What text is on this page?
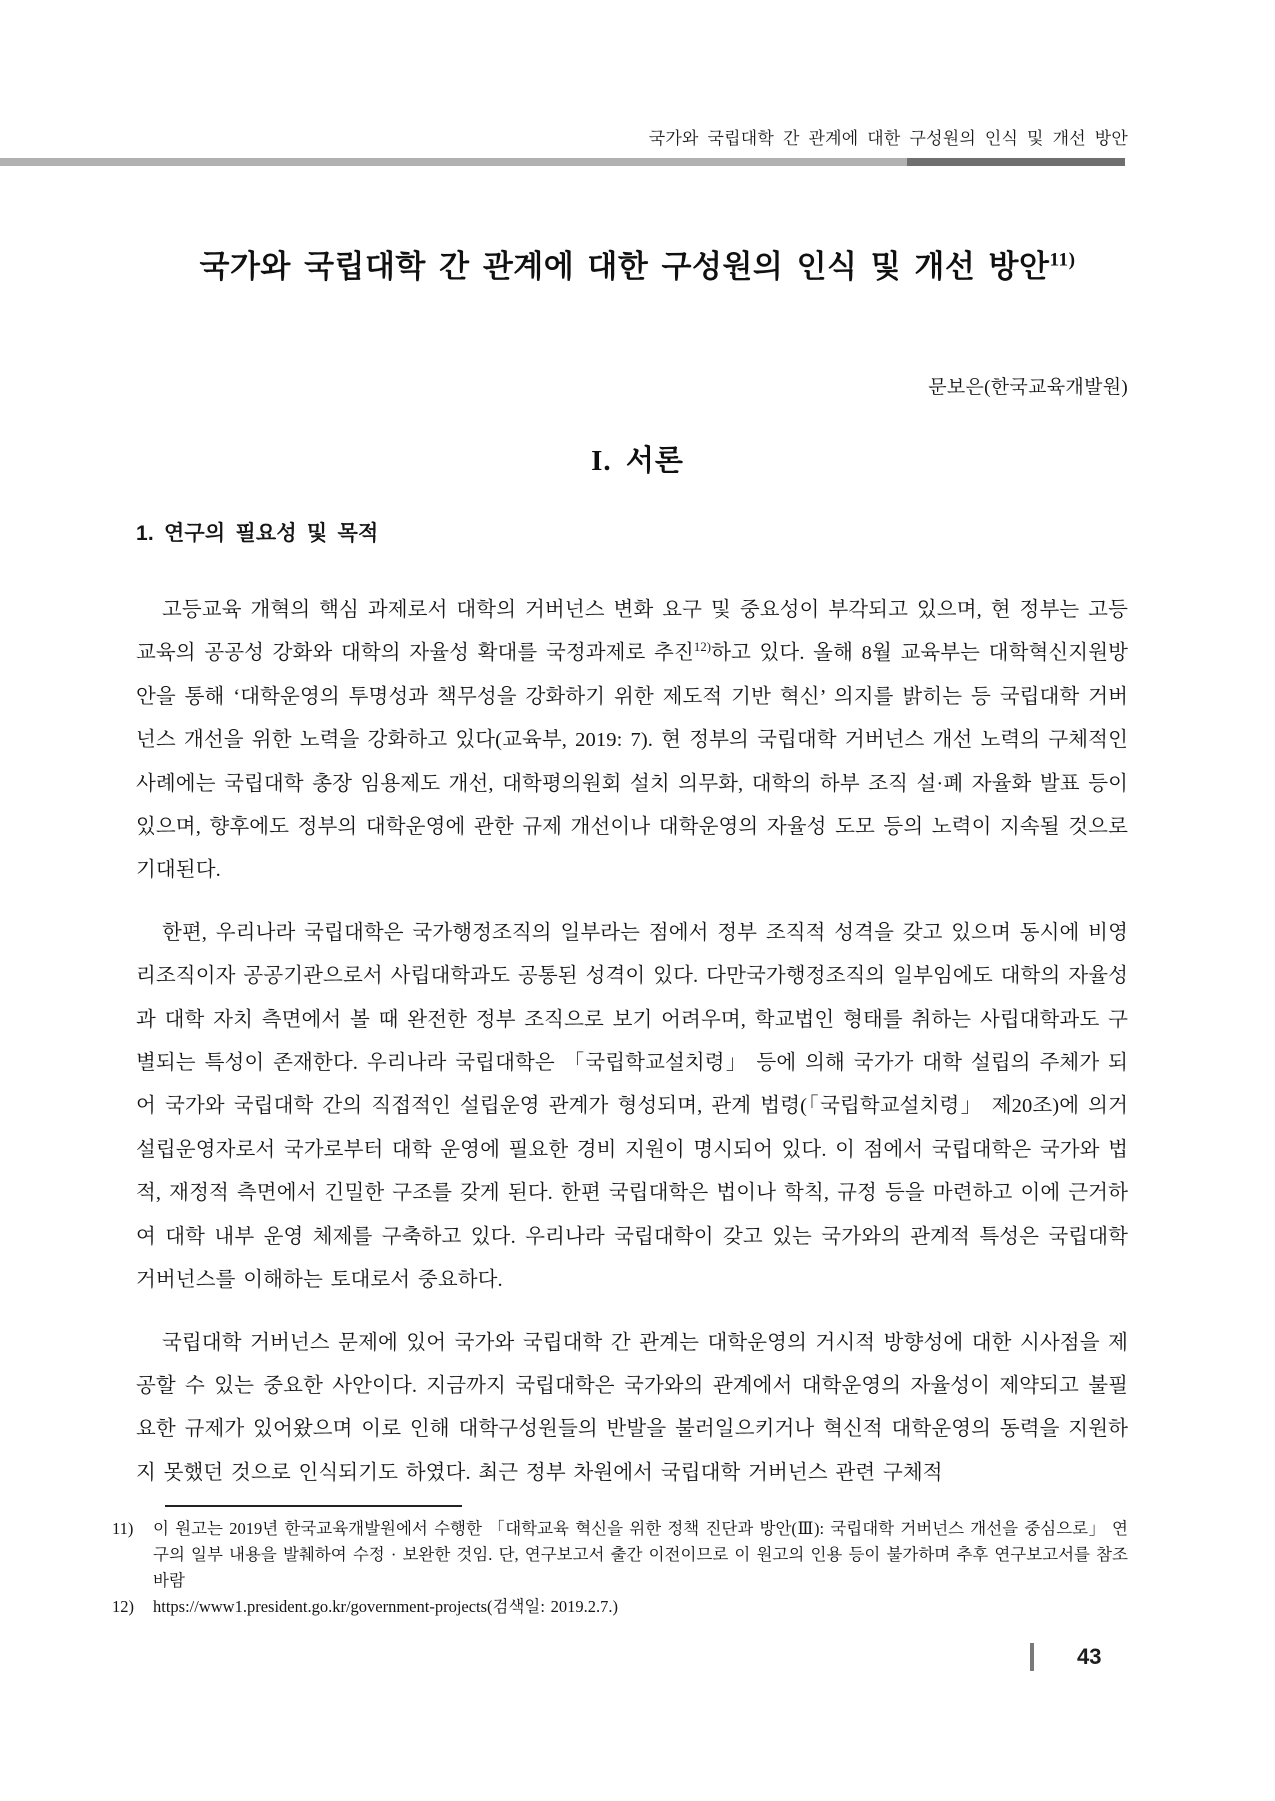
국가와 국립대학 간 관계에 대한 구성원의 인식 및 개선 방안
국가와 국립대학 간 관계에 대한 구성원의 인식 및 개선 방안$^{11)}$
문보은(한국교육개발원)
I. 서론
1. 연구의 필요성 및 목적

고등교육 개혁의 핵심 과제로서 대학의 거버넌스 변화 요구 및 중요성이 부각되고 있으며, 현 정부는 고등교육의 공공성 강화와 대학의 자율성 확대를 국정과제로 추진$^{12)}$하고 있다. 올해 8월 교육부는 대학혁신지원방안을 통해 ‘대학운영의 투명성과 책무성을 강화하기 위한 제도적 기반 혁신’ 의지를 밝히는 등 국립대학 거버넌스 개선을 위한 노력을 강화하고 있다(교육부, 2019: 7). 현 정부의 국립대학 거버넌스 개선 노력의 구체적인 사례에는 국립대학 총장 임용제도 개선, 대학평의원회 설치 의무화, 대학의 하부 조직 설·폐 자율화 발표 등이 있으며, 향후에도 정부의 대학운영에 관한 규제 개선이나 대학운영의 자율성 도모 등의 노력이 지속될 것으로 기대된다.

한편, 우리나라 국립대학은 국가행정조직의 일부라는 점에서 정부 조직적 성격을 갖고 있으며 동시에 비영리조직이자 공공기관으로서 사립대학과도 공통된 성격이 있다. 다만국가행정조직의 일부임에도 대학의 자율성과 대학 자치 측면에서 볼 때 완전한 정부 조직으로 보기 어려우며, 학교법인 형태를 취하는 사립대학과도 구별되는 특성이 존재한다. 우리나라 국립대학은 「국립학교설치령」 등에 의해 국가가 대학 설립의 주체가 되어 국가와 국립대학 간의 직접적인 설립운영 관계가 형성되며, 관계 법령(「국립학교설치령」 제20조)에 의거 설립운영자로서 국가로부터 대학 운영에 필요한 경비 지원이 명시되어 있다. 이 점에서 국립대학은 국가와 법적, 재정적 측면에서 긴밀한 구조를 갖게 된다. 한편 국립대학은 법이나 학칙, 규정 등을 마련하고 이에 근거하여 대학 내부 운영 체제를 구축하고 있다. 우리나라 국립대학이 갖고 있는 국가와의 관계적 특성은 국립대학 거버넌스를 이해하는 토대로서 중요하다.

국립대학 거버넌스 문제에 있어 국가와 국립대학 간 관계는 대학운영의 거시적 방향성에 대한 시사점을 제공할 수 있는 중요한 사안이다. 지금까지 국립대학은 국가와의 관계에서 대학운영의 자율성이 제약되고 불필요한 규제가 있어왔으며 이로 인해 대학구성원들의 반발을 불러일으키거나 혁신적 대학운영의 동력을 지원하지 못했던 것으로 인식되기도 하였다. 최근 정부 차원에서 국립대학 거버넌스 관련 구체적

11)	이 원고는 2019년 한국교육개발원에서 수행한 「대학교육 혁신을 위한 정책 진단과 방안(Ⅲ): 국립대학 거버넌스 개선을 중심으로」 연구의 일부 내용을 발췌하여 수정 · 보완한 것임. 단, 연구보고서 출간 이전이므로 이 원고의 인용 등이 불가하며 추후 연구보고서를 참조 바람
12)	https://www1.president.go.kr/government-projects(검색일: 2019.2.7.)
43
